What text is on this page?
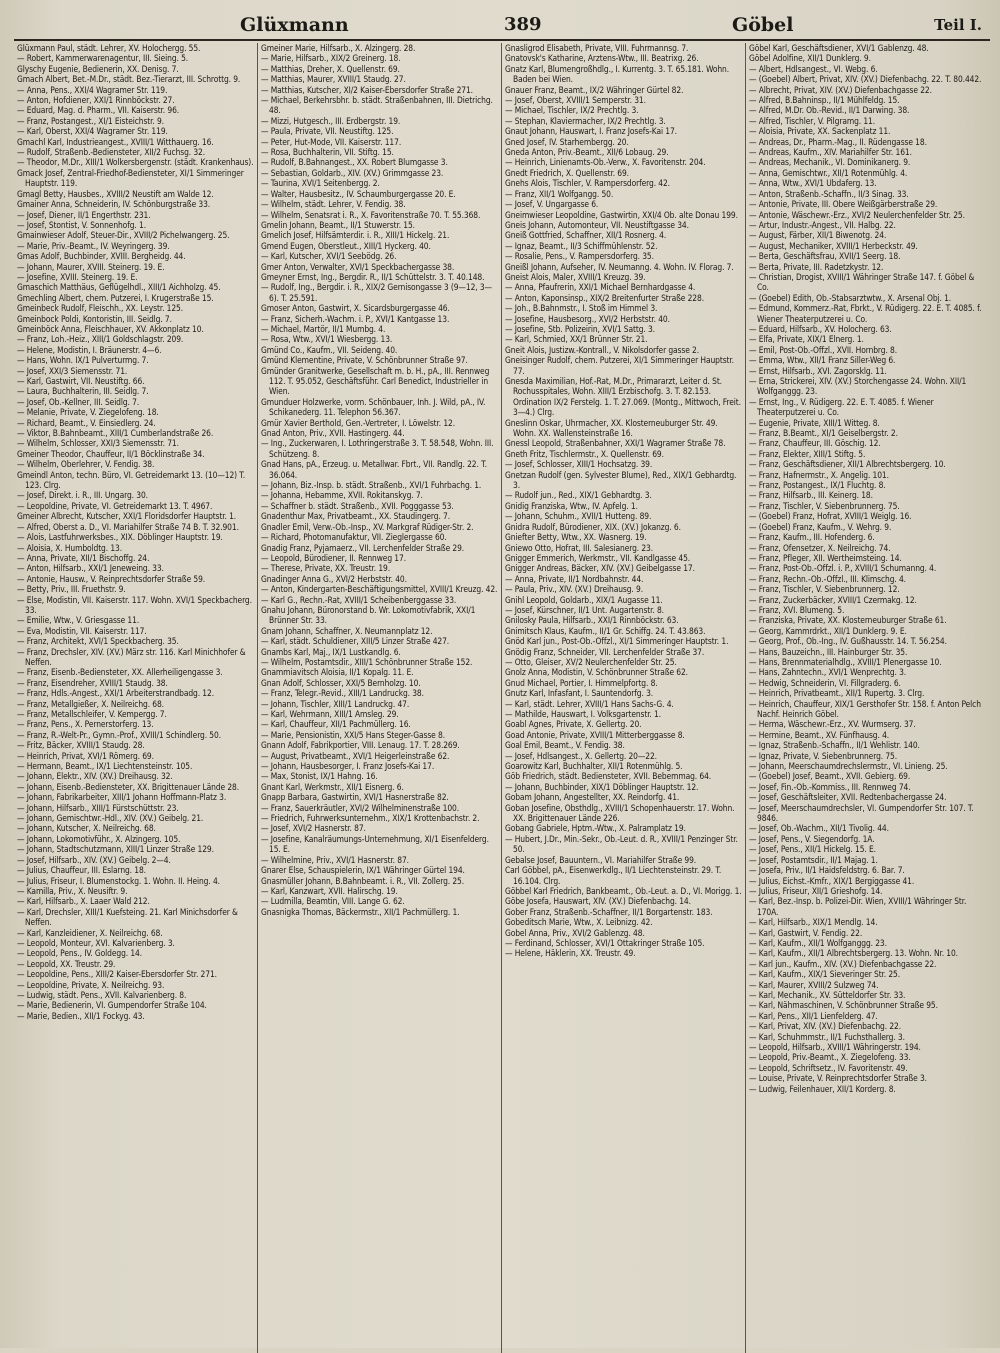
Glüxmann	389	Göbel	Teil I.

Glüxmann Paul, städt. Lehrer, XV. Holochergg. 55.

— Robert, Kammerwarenagentur, III. Sieing. 5.

Glyschy Eugenie, Bedienerin, XX. Denisg. 7.

Gmach Albert, Bet.-M.Dr., städt. Bez.-Tierarzt, III. Schrottg. 9.

— Anna, Pens., XXI/4 Wagramer Str. 119.

— Anton, Hofdiener, XXI/1 Rinnböckstr. 27.

— Eduard, Mag. d. Pharm., VII. Kaiserstr. 96.

— Franz, Postangest., XI/1 Eisteichstr. 9.

— Karl, Oberst, XXI/4 Wagramer Str. 119.

Gmachl Karl, Industrieangest., XVIII/1 Witthauerg. 16.

— Rudolf, Straßenb.-Bediensteter, XII/2 Fuchsg. 32.

— Theodor, M.Dr., XIII/1 Wolkersbergenstr. (städt. Krankenhaus).

Gmack Josef, Zentral-Friedhof-Bediensteter, XI/1 Simmeringer Hauptstr. 119.

Gmagl Betty, Hausbes., XVIII/2 Neustift am Walde 12.

Gmainer Anna, Schneiderin, IV. Schönburgstraße 33.

— Josef, Diener, II/1 Engerthstr. 231.

— Josef, Stontist, V. Sonnenhofg. 1.

Gmainwieser Adolf, Steuer-Dir., XVIII/2 Pichelwangerg. 25.

— Marie, Priv.-Beamt., IV. Weyringerg. 39.

Gmas Adolf, Buchbinder, XVIII. Bergheidg. 44.

— Johann, Maurer, XVIII. Steinerg. 19. E.

— Josefine, XVIII. Steinerg. 19. E.

Gmaschich Matthäus, Geflügelhdl., XIII/1 Aichholzg. 45.

Gmechling Albert, chem. Putzerei, I. Krugerstraße 15.

Gmeinbeck Rudolf, Fleischh., XX. Leystr. 125.

Gmeinbock Poldi, Kontoristin, III. Seidlg. 7.

Gmeinböck Anna, Fleischhauer, XV. Akkonplatz 10.

— Franz, Loh.-Heiz., XIII/1 Goldschlagstr. 209.

— Helene, Modistin, I. Bräunerstr. 4—6.

— Hans, Wohn. IX/1 Pulverturmg. 7.

— Josef, XXI/3 Siemensstr. 71.

— Karl, Gastwirt, VII. Neustiftg. 66.

— Laura, Buchhalterin, III. Seidlg. 7.

— Josef, Ob.-Kellner, III. Seidlg. 7.

— Melanie, Private, V. Ziegelofeng. 18.

— Richard, Beamt., V. Einsiedlerg. 24.

— Viktor, B.Bahnbeamt., XIII/1 Cumberlandstraße 26.

— Wilhelm, Schlosser, XXI/3 Siemensstr. 71.

Gmeiner Theodor, Chauffeur, II/1 Böcklinstraße 34.

— Wilhelm, Oberlehrer, V. Fendig. 38.

Gmeindl Anton, techn. Büro, VI. Getreidemarkt 13. (10—12) T. 123. Clrg.

— Josef, Direkt. i. R., III. Ungarg. 30.

— Leopoldine, Private, VI. Getreidemarkt 13. T. 4967.

Gmeiner Albrecht, Kutscher, XXI/1 Floridsdorfer Hauptstr. 1.

— Alfred, Oberst a. D., VI. Mariahilfer Straße 74 B. T. 32.901.

— Alois, Lastfuhrwerksbes., XIX. Döblinger Hauptstr. 19.

— Aloisia, X. Humboldtg. 13.

— Anna, Private, XII/1 Bischoffg. 24.

— Anton, Hilfsarb., XXI/1 Jeneweing. 33.

— Antonie, Hausw., V. Reinprechtsdorfer Straße 59.

— Betty, Priv., III. Fruethstr. 9.

— Else, Modistin, VII. Kaiserstr. 117. Wohn. XVI/1 Speckbacherg. 33.

— Emilie, Wtw., V. Griesgasse 11.

— Eva, Modistin, VII. Kaiserstr. 117.

— Franz, Architekt, XVI/1 Speckbacherg. 35.

— Franz, Drechsler, XIV. (XV.) März str. 116. Karl Minichhofer & Neffen.

— Franz, Eisenb.-Bediensteter, XX. Allerheiligengasse 3.

— Franz, Eisendreher, XVIII/1 Staudg. 38.

— Franz, Hdls.-Angest., XXI/1 Arbeiterstrandbadg. 12.

— Franz, Metallgießer, X. Neilreichg. 68.

— Franz, Metallschleifer, V. Kempergg. 7.

— Franz, Pens., X. Pernerstorferg. 13.

— Franz, R.-Welt-Pr., Gymn.-Prof., XVIII/1 Schindlerg. 50.

— Fritz, Bäcker, XVIII/1 Staudg. 28.

— Heinrich, Privat, XVI/1 Römerg. 69.

— Hermann, Beamt., IX/1 Liechtensteinstr. 105.

— Johann, Elektr., XIV. (XV.) Dreihausg. 32.

— Johann, Eisenb.-Bediensteter, XX. Brigittenauer Lände 28.

— Johann, Fabrikarbeiter, XIII/1 Johann Hoffmann-Platz 3.

— Johann, Hilfsarb., XIII/1 Fürstschüttstr. 23.

— Johann, Gemischtwr.-Hdl., XIV. (XV.) Geibelg. 21.

— Johann, Kutscher, X. Neilreichg. 68.

— Johann, Lokomotivführ., X. Alzingerg. 105.

— Johann, Stadtschutzmann, XIII/1 Linzer Straße 129.

— Josef, Hilfsarb., XIV. (XV.) Geibelg. 2—4.

— Julius, Chauffeur, III. Eslarng. 18.

— Julius, Friseur, I. Blumenstockg. 1. Wohn. II. Heing. 4.

— Kamilla, Priv., X. Neusiftr. 9.

— Karl, Hilfsarb., X. Laaer Wald 212.

— Karl, Drechsler, XIII/1 Kuefsteing. 21. Karl Minichsdorfer & Neffen.

— Karl, Kanzleidiener, X. Neilreichg. 68.

— Leopold, Monteur, XVI. Kalvarienberg. 3.

— Leopold, Pens., IV. Goldegg. 14.

— Leopold, XX. Treustr. 29.

— Leopoldine, Pens., XIII/2 Kaiser-Ebersdorfer Str. 271.

— Leopoldine, Private, X. Neilreichg. 93.

— Ludwig, städt. Pens., XVII. Kalvarienberg. 8.

— Marie, Bedienerin, VI. Gumpendorfer Straße 104.

— Marie, Bedien., XII/1 Fockyg. 43.

Gmeiner Marie, Hilfsarb., X. Alzingerg. 28.

— Marie, Hilfsarb., XIX/2 Greinerg. 18.

— Matthias, Dreher, X. Quellenstr. 69.

— Matthias, Maurer, XVIII/1 Staudg. 27.

— Matthias, Kutscher, XI/2 Kaiser-Ebersdorfer Straße 271.

— Michael, Berkehrsbhr. b. städt. Straßenbahnen, III. Dietrichg. 48.

— Mizzi, Hutgesch., III. Erdbergstr. 19.

— Paula, Private, VII. Neustiftg. 125.

— Peter, Hut-Mode, VII. Kaiserstr. 117.

— Rosa, Buchhalterin, VII. Stiftg. 15.

— Rudolf, B.Bahnangest., XX. Robert Blumgasse 3.

— Sebastian, Goldarb., XIV. (XV.) Grimmgasse 23.

— Taurina, XVI/1 Seitenbergg. 2.

— Walter, Hausbesitz., IV. Schaumburgergasse 20. E.

— Wilhelm, städt. Lehrer, V. Fendig. 38.

— Wilhelm, Senatsrat i. R., X. Favoritenstraße 70. T. 55.368.

Gmelin Johann, Beamt., II/1 Stuwerstr. 15.

Gmelich Josef, Hilfsämterdir. i. R., XIII/1 Hickelg. 21.

Gmend Eugen, Oberstleut., XIII/1 Hyckerg. 40.

— Karl, Kutscher, XVI/1 Seebödg. 26.

Gmer Anton, Verwalter, XVI/1 Speckbachergasse 38.

Gmeyner Ernst, Ing., Bergdir. R., II/1 Schüttelstr. 3. T. 40.148.

— Rudolf, Ing., Bergdir. i. R., XIX/2 Gernisongasse 3 (9—12, 3—6). T. 25.591.

Gmoser Anton, Gastwirt, X. Sicardsburgergasse 46.

— Franz, Sicherh.-Wachm. i. P., XVI/1 Kantgasse 13.

— Michael, Martör, II/1 Mumbg. 4.

— Rosa, Wtw., XVI/1 Wiesbergg. 13.

Gmünd Co., Kaufm., VII. Seideng. 40.

Gmünd Klementine, Private, V. Schönbrunner Straße 97.

Gmünder Granitwerke, Gesellschaft m. b. H., pA., III. Rennweg 112. T. 95.052, Geschäftsführ. Carl Benedict, Industrieller in Wien.

Gmunduer Holzwerke, vorm. Schönbauer, Inh. J. Wild, pA., IV. Schikanederg. 11. Telephon 56.367.

Gmür Xavier Berthold, Gen.-Vertreter, I. Löwelstr. 12.

Gnad Anton, Priv., XVII. Hastingerg. 44.

— Ing., Zuckerwaren, I. Lothringerstraße 3. T. 58.548, Wohn. III. Schützeng. 8.

Gnad Hans, pA., Erzeug. u. Metallwar. Fbrt., VII. Randlg. 22. T. 36.064.

— Johann, Biz.-Insp. b. städt. Straßenb., XVI/1 Fuhrbachg. 1.

— Johanna, Hebamme, XVII. Rokitanskyg. 7.

— Schaffner b. städt. Straßenb., XVII. Pogggasse 53.

Gnadenthur Max, Privatbeamt., XX. Staudingerg. 7.

Gnadler Emil, Verw.-Ob.-Insp., XV. Markgraf Rüdiger-Str. 2.

— Richard, Photomanufaktur, VII. Zieglergasse 60.

Gnadig Franz, Pyjamaerz., VII. Lerchenfelder Straße 29.

— Leopold, Bürodiener, II. Rennweg 17.

— Therese, Private, XX. Treustr. 19.

Gnadinger Anna G., XVI/2 Herbststr. 40.

— Anton, Kindergarten-Beschäftigungsmittel, XVIII/1 Kreuzg. 42.

— Karl G., Rechn.-Rat, XVIII/1 Scheibenberggasse 33.

Gnahu Johann, Büronorstand b. Wr. Lokomotivfabrik, XXI/1 Brünner Str. 33.

Gnam Johann, Schaffner, X. Neumannplatz 12.

— Karl, städt. Schuldiener, XIII/5 Linzer Straße 427.

Gnambs Karl, Maj., IX/1 Lustkandlg. 6.

— Wilhelm, Postamtsdir., XIII/1 Schönbrunner Straße 152.

Gnammiavitsch Aloisia, II/1 Kopalg. 11. E.

Gnan Adolf, Schlosser, XXI/5 Bernholzg. 10.

— Franz, Telegr.-Revid., XIII/1 Landruckg. 38.

— Johann, Tischler, XIII/1 Landruckg. 47.

— Karl, Wehrmann, XIII/1 Amsleg. 29.

— Karl, Chauffeur, XII/1 Pachmüllerg. 16.

— Marie, Pensionistin, XXI/5 Hans Steger-Gasse 8.

Gnann Adolf, Fabrikportier, VIII. Lenaug. 17. T. 28.269.

— August, Privatbeamt., XVI/1 Heigerleinstraße 62.

— Johann, Hausbesorger, I. Franz Josefs-Kai 17.

— Max, Stonist, IX/1 Hahng. 16.

Gnant Karl, Werkmstr., XII/1 Eisnerg. 6.

Gnapp Barbara, Gastwirtin, XVI/1 Hasnerstraße 82.

— Franz, Sauerkräutler, XVI/2 Wilhelminenstraße 100.

— Friedrich, Fuhrwerksunternehm., XIX/1 Krottenbachstr. 2.

— Josef, XVI/2 Hasnerstr. 87.

— Josefine, Kanalräumungs-Unternehmung, XI/1 Eisenfelderg. 15. E.

— Wilhelmine, Priv., XVI/1 Hasnerstr. 87.

Gnarer Else, Schauspielerin, IX/1 Währinger Gürtel 194.

Gnasmüller Johann, B.Bahnbeamt. i. R., VII. Zollerg. 25.

— Karl, Kanzwart, XVII. Halirschg. 19.

— Ludmilla, Beamtin, VIII. Lange G. 62.

Gnasnigka Thomas, Bäckermstr., XII/1 Pachmüllerg. 1.

Gnasligrod Elisabeth, Private, VIII. Fuhrmannsg. 7.

Gnatovsk's Katharine, Arztens-Wtw., III. Beatrixg. 26.

Gnatz Karl, Blumengroßhdlg., I. Kurrentg. 3. T. 65.181. Wohn. Baden bei Wien.

Gnauer Franz, Beamt., IX/2 Währinger Gürtel 82.

— Josef, Oberst, XVIII/1 Semperstr. 31.

— Michael, Tischler, IX/2 Prechtlg. 3.

— Stephan, Klaviermacher, IX/2 Prechtlg. 3.

Gnaut Johann, Hauswart, I. Franz Josefs-Kai 17.

Gned Josef, IV. Starhembergg. 20.

Gneda Anton, Priv.-Beamt., XII/6 Lobaug. 29.

— Heinrich, Linienamts-Ob.-Verw., X. Favoritenstr. 204.

Gnedt Friedrich, X. Quellenstr. 69.

Gnehs Alois, Tischler, V. Rampersdorferg. 42.

— Franz, XII/1 Wolfgangg. 50.

— Josef, V. Ungargasse 6.

Gneimwieser Leopoldine, Gastwirtin, XXI/4 Ob. alte Donau 199.

Gneis Johann, Automonteur, VII. Neustiftgasse 34.

Gneiß Gottfried, Schaffner, XII/1 Rosnerg. 4.

— Ignaz, Beamt., II/3 Schiffmühlenstr. 52.

— Rosalie, Pens., V. Rampersdorferg. 35.

Gneißl Johann, Aufseher, IV. Neumanng. 4. Wohn. IV. Florag. 7.

Gneist Alois, Maler, XVIII/1 Kreuzg. 39.

— Anna, Pfaufrerin, XXI/1 Michael Bernhardgasse 4.

— Anton, Kaponsinsp., XIX/2 Breitenfurter Straße 228.

— Joh., B.Bahnmstr., I. Stoß im Himmel 3.

— Josefine, Hausbesorg., XVI/2 Herbststr. 40.

— Josefine, Stb. Polizeirin, XVI/1 Sattg. 3.

— Karl, Schmied, XX/1 Brünner Str. 21.

Gneit Alois, Justizw.-Kontrall., V. Nikolsdorfer gasse 2.

Gneisinger Rudolf, chem. Putzerei, XI/1 Simmeringer Hauptstr. 77.

Gnesda Maximilian, Hof.-Rat, M.Dr., Primararzt, Leiter d. St. Rochusspitales, Wohn. XIII/1 Erzbischofg. 3. T. 82.153. Ordination IX/2 Ferstelg. 1. T. 27.069. (Montg., Mittwoch, Freit. 3—4.) Clrg.

Gneslinn Oskar, Uhrmacher, XX. Klosterneuburger Str. 49. Wohn. XX. Wallensteinstraße 16.

Gnessl Leopold, Straßenbahner, XXI/1 Wagramer Straße 78.

Gneth Fritz, Tischlermstr., X. Quellenstr. 69.

— Josef, Schlosser, XIII/1 Hochsatzg. 39.

Gnetzan Rudolf (gen. Sylvester Blume), Red., XIX/1 Gebhardtg. 3.

— Rudolf jun., Red., XIX/1 Gebhardtg. 3.

Gnidig Franziska, Wtw., IV. Apfelg. 1.

— Johann, Schuhm., XVII/1 Hutteng. 89.

Gnidra Rudolf, Bürodiener, XIX. (XV.) Jokanzg. 6.

Gniefter Betty, Wtw., XX. Wasnerg. 19.

Gniewo Otto, Hofrat, III. Salesianerg. 23.

Gnigger Emmerich, Werkmstr., VII. Kandlgasse 45.

Gnigger Andreas, Bäcker, XIV. (XV.) Geibelgasse 17.

— Anna, Private, II/1 Nordbahnstr. 44.

— Paula, Priv., XIV. (XV.) Dreihausg. 9.

Gnihl Leopold, Goldarb., XIX/1 Augasse 11.

— Josef, Kürschner, II/1 Unt. Augartenstr. 8.

Gnilosky Paula, Hilfsarb., XXI/1 Rinnböckstr. 63.

Gnimitsch Klaus, Kaufm., II/1 Gr. Schiffg. 24. T. 43.863.

Gnöd Karl jun., Post-Ob.-Offzl., XI/1 Simmeringer Hauptstr. 1.

Gnödig Franz, Schneider, VII. Lerchenfelder Straße 37.

— Otto, Gleiser, XV/2 Neulerchenfelder Str. 25.

Gnolz Anna, Modistin, V. Schönbrunner Straße 62.

Gnud Michael, Portier, I. Himmelpfortg. 8.

Gnutz Karl, Infasfant, I. Sauntendorfg. 3.

— Karl, städt. Lehrer, XVIII/1 Hans Sachs-G. 4.

— Mathilde, Hauswart, I. Volksgartenstr. 1.

Goabl Agnes, Private, X. Gellertg. 20.

Goad Antonie, Private, XVIII/1 Mitterberggasse 8.

Goal Emil, Beamt., V. Fendig. 38.

— Josef, Hdlsangest., X. Gellertg. 20—22.

Goarowitz Karl, Buchhalter, XII/1 Rotenmühlg. 5.

Göb Friedrich, städt. Bediensteter, XVII. Bebemmag. 64.

— Johann, Buchbinder, XIX/1 Döblinger Hauptstr. 12.

Gobam Johann, Angestellter, XX. Reindorfg. 41.

Goban Josefine, Obsthdlg., XVIII/1 Schopenhauerstr. 17. Wohn. XX. Brigittenauer Lände 226.

Gobang Gabriele, Hptm.-Wtw., X. Palramplatz 19.

— Hubert, J.Dr., Min.-Sekr., Ob.-Leut. d. R., XVIII/1 Penzinger Str. 50.

Gebalse Josef, Bauuntern., VI. Mariahilfer Straße 99.

Carl Göbbel, pA., Eisenwerkdlg., II/1 Liechtensteinstr. 29. T. 16.104. Clrg.

Göbbel Karl Friedrich, Bankbeamt., Ob.-Leut. a. D., VI. Morigg. 1.

Göbe Josefa, Hauswart, XIV. (XV.) Diefenbachg. 14.

Gober Franz, Straßenb.-Schaffner, II/1 Borgartenstr. 183.

Gobeditsch Marie, Wtw., X. Leibnizg. 42.

Gobel Anna, Priv., XVI/2 Gablenzg. 48.

— Ferdinand, Schlosser, XVI/1 Ottakringer Straße 105.

— Helene, Häklerin, XX. Treustr. 49.

Göbel Karl, Geschäftsdiener, XVI/1 Gablenzg. 48.

Göbel Adolfine, XII/1 Dunklerg. 9.

— Albert, Hdlsangest., VI. Webg. 6.

— (Goebel) Albert, Privat, XIV. (XV.) Diefenbachg. 22. T. 80.442.

— Albrecht, Privat, XIV. (XV.) Diefenbachgasse 22.

— Alfred, B.Bahninsp., II/1 Mühlfeldg. 15.

— Alfred, M.Dr. Ob.-Revid., II/1 Darwing. 38.

— Alfred, Tischler, V. Pilgramg. 11.

— Aloisia, Private, XX. Sackenplatz 11.

— Andreas, Dr., Pharm.-Mag., II. Rüdengasse 18.

— Andreas, Kaufm., XIV. Mariahilfer Str. 161.

— Andreas, Mechanik., VI. Dominikanerg. 9.

— Anna, Gemischtwr., XII/1 Rotenmühlg. 4.

— Anna, Wtw., XVI/1 Ubdaferg. 13.

— Anton, Straßenb.-Schaffn., II/3 Sinag. 33.

— Antonie, Private, III. Obere Weißgärberstraße 29.

— Antonie, Wäschewr.-Erz., XVI/2 Neulerchenfelder Str. 25.

— Artur, Industr.-Angest., VII. Halbg. 22.

— August, Färber, XII/1 Biwenotg. 24.

— August, Mechaniker, XVIII/1 Herbeckstr. 49.

— Berta, Geschäftsfrau, XVII/1 Seerg. 18.

— Berta, Private, III. Radetzkystr. 12.

— Christian, Drogist, XVIII/1 Währinger Straße 147. f. Göbel & Co.

— (Goebel) Edith, Ob.-Stabsarztwtw., X. Arsenal Obj. 1.

— Edmund, Kommerz.-Rat, Fbrkt., V. Rüdigerg. 22. E. T. 4085. f. Wiener Theaterputzerei u. Co.

— Eduard, Hilfsarb., XV. Holocherg. 63.

— Elfa, Private, XIX/1 Elnerg. 1.

— Emil, Post-Ob.-Offzl., XVII. Hornbrg. 8.

— Emma, Wtw., XII/1 Franz Siller-Weg 6.

— Ernst, Hilfsarb., XVI. Zagorsklg. 11.

— Erna, Strickerei, XIV. (XV.) Storchengasse 24. Wohn. XII/1 Wolfganggg. 23.

— Ernst, Ing., V. Rüdigerg. 22. E. T. 4085. f. Wiener Theaterputzerei u. Co.

— Eugenie, Private, XIII/1 Witteg. 8.

— Franz, B.Beamt., XI/1 Geiselbergstr. 2.

— Franz, Chauffeur, III. Göschig. 12.

— Franz, Elekter, XIII/1 Stiftg. 5.

— Franz, Geschäftsdiener, XII/1 Albrechtsbergerg. 10.

— Franz, Hafnermstr., X. Angelig. 101.

— Franz, Postangest., IX/1 Fluchtg. 8.

— Franz, Hilfsarb., III. Keinerg. 18.

— Franz, Tischler, V. Siebenbrunnerg. 75.

— (Goebel) Franz, Hofrat, XVIII/1 Weiglg. 16.

— (Goebel) Franz, Kaufm., V. Wehrg. 9.

— Franz, Kaufm., III. Hofenderg. 6.

— Franz, Ofensetzer, X. Neilreichg. 74.

— Franz, Pfleger, XII. Wertheimsteing. 14.

— Franz, Post-Ob.-Offzl. i. P., XVIII/1 Schumanng. 4.

— Franz, Rechn.-Ob.-Offzl., III. Klimschg. 4.

— Franz, Tischler, V. Siebenbrunnerg. 12.

— Franz, Zuckerbäcker, XVIII/1 Czermakg. 12.

— Franz, XVI. Blumeng. 5.

— Franziska, Private, XX. Klosterneuburger Straße 61.

— Georg, Kammrdrkt., XII/1 Dunklerg. 9. E.

— Georg, Prof., Ob.-Ing., IV. Gußhausstr. 14. T. 56.254.

— Hans, Bauzeichn., III. Hainburger Str. 35.

— Hans, Brennmaterialhdlg., XVIII/1 Plenergasse 10.

— Hans, Zahntechn., XVI/1 Wenprechtg. 3.

— Hedwig, Schneiderin, VI. Fillgraderg. 6.

— Heinrich, Privatbeamt., XII/1 Rupertg. 3. Clrg.

— Heinrich, Chauffeur, XIX/1 Gersthofer Str. 158. f. Anton Pelch Nachf. Heinrich Göbel.

— Herma, Wäschewr.-Erz., XV. Wurmserg. 37.

— Hermine, Beamt., XV. Fünfhausg. 4.

— Ignaz, Straßenb.-Schaffn., II/1 Wehlistr. 140.

— Ignaz, Private, V. Siebenbrunnerg. 75.

— Johann, Meerschaumdrechslermstr., VI. Linieng. 25.

— (Goebel) Josef, Beamt., XVII. Gebierg. 69.

— Josef, Fin.-Ob.-Kommiss., III. Rennweg 74.

— Josef, Geschäftsleiter, XVII. Redtenbachergasse 24.

— Josef, Meerschaumdrechsler, VI. Gumpendorfer Str. 107. T. 9846.

— Josef, Ob.-Wachm., XII/1 Tivolig. 44.

— Josef, Pens., V. Siegendorfg. 1A.

— Josef, Pens., XII/1 Hickelg. 15. E.

— Josef, Postamtsdir., II/1 Majag. 1.

— Josefa, Priv., II/1 Haidsfeldstrg. 6. Bar. 7.

— Julius, Eichst.-Kmfr., XIX/1 Bergiggasse 41.

— Julius, Friseur, XII/1 Grieshofg. 14.

— Karl, Bez.-Insp. b. Polizei-Dir. Wien, XVIII/1 Währinger Str. 170A.

— Karl, Hilfsarb., XIX/1 Mendlg. 14.

— Karl, Gastwirt, V. Fendig. 22.

— Karl, Kaufm., XII/1 Wolfganggg. 23.

— Karl, Kaufm., XII/1 Albrechtsbergerg. 13. Wohn. Nr. 10.

— Karl jun., Kaufm., XIV. (XV.) Diefenbachgasse 22.

— Karl, Kaufm., XIX/1 Sieveringer Str. 25.

— Karl, Maurer, XVIII/2 Sulzweg 74.

— Karl, Mechanik., XV. Sütteldorfer Str. 33.

— Karl, Nähmaschinen, V. Schönbrunner Straße 95.

— Karl, Pens., XII/1 Lienfelderg. 47.

— Karl, Privat, XIV. (XV.) Diefenbachg. 22.

— Karl, Schuhmmstr., II/1 Fuchsthallerg. 3.

— Leopold, Hilfsarb., XVIII/1 Währingerstr. 194.

— Leopold, Priv.-Beamt., X. Ziegelofeng. 33.

— Leopold, Schriftsetz., IV. Favoritenstr. 49.

— Louise, Private, V. Reinprechtsdorfer Straße 3.

— Ludwig, Feilenhauer, XII/1 Korderg. 8.
